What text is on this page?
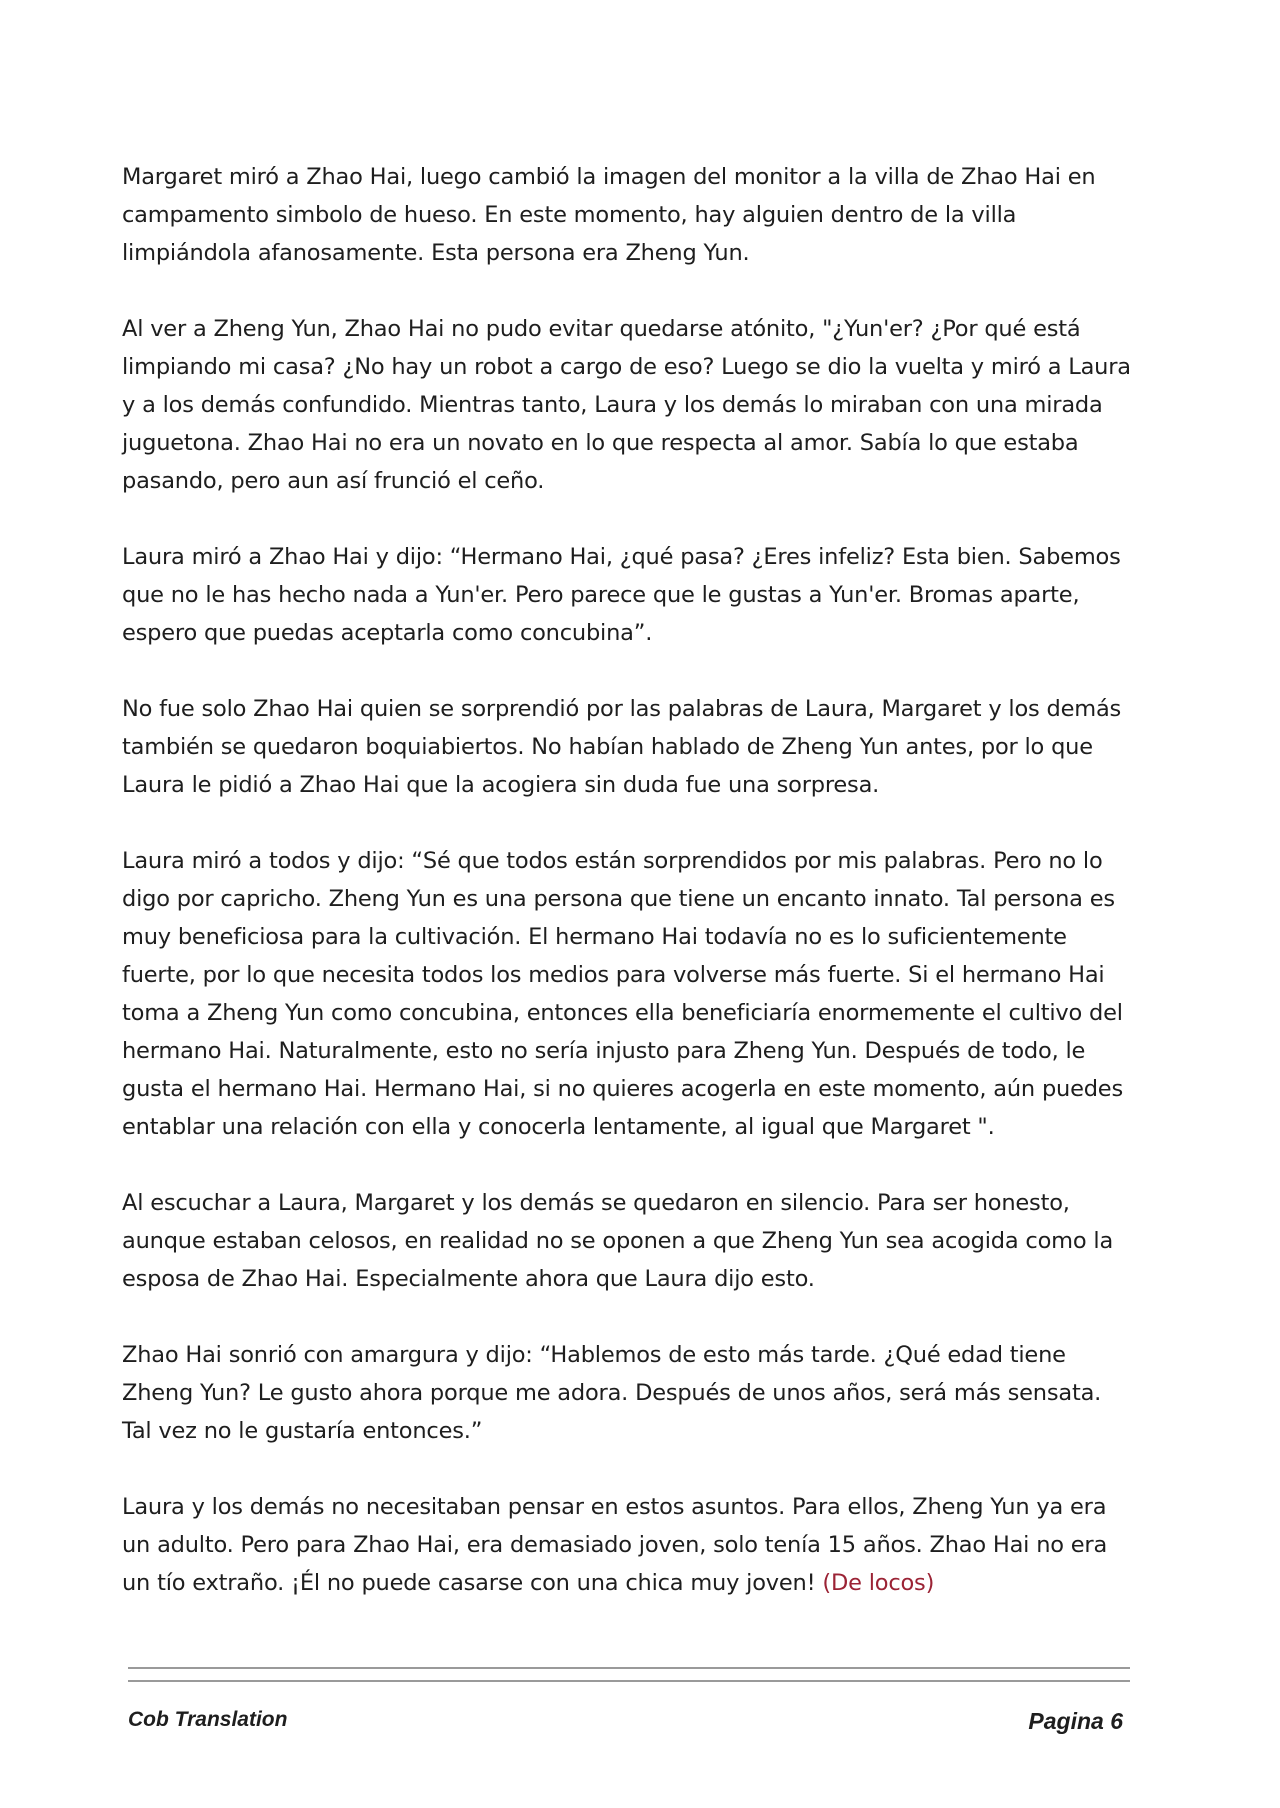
Margaret miró a Zhao Hai, luego cambió la imagen del monitor a la villa de Zhao Hai en campamento simbolo de hueso. En este momento, hay alguien dentro de la villa limpiándola afanosamente. Esta persona era Zheng Yun.

Al ver a Zheng Yun, Zhao Hai no pudo evitar quedarse atónito, "¿Yun'er? ¿Por qué está limpiando mi casa? ¿No hay un robot a cargo de eso? Luego se dio la vuelta y miró a Laura y a los demás confundido. Mientras tanto, Laura y los demás lo miraban con una mirada juguetona. Zhao Hai no era un novato en lo que respecta al amor. Sabía lo que estaba pasando, pero aun así frunció el ceño.

Laura miró a Zhao Hai y dijo: “Hermano Hai, ¿qué pasa? ¿Eres infeliz? Esta bien. Sabemos que no le has hecho nada a Yun'er. Pero parece que le gustas a Yun'er. Bromas aparte, espero que puedas aceptarla como concubina”.

No fue solo Zhao Hai quien se sorprendió por las palabras de Laura, Margaret y los demás también se quedaron boquiabiertos. No habían hablado de Zheng Yun antes, por lo que Laura le pidió a Zhao Hai que la acogiera sin duda fue una sorpresa.

Laura miró a todos y dijo: “Sé que todos están sorprendidos por mis palabras. Pero no lo digo por capricho. Zheng Yun es una persona que tiene un encanto innato. Tal persona es muy beneficiosa para la cultivación. El hermano Hai todavía no es lo suficientemente fuerte, por lo que necesita todos los medios para volverse más fuerte. Si el hermano Hai toma a Zheng Yun como concubina, entonces ella beneficiaría enormemente el cultivo del hermano Hai. Naturalmente, esto no sería injusto para Zheng Yun. Después de todo, le gusta el hermano Hai. Hermano Hai, si no quieres acogerla en este momento, aún puedes entablar una relación con ella y conocerla lentamente, al igual que Margaret ".

Al escuchar a Laura, Margaret y los demás se quedaron en silencio. Para ser honesto, aunque estaban celosos, en realidad no se oponen a que Zheng Yun sea acogida como la esposa de Zhao Hai. Especialmente ahora que Laura dijo esto.

Zhao Hai sonrió con amargura y dijo: “Hablemos de esto más tarde. ¿Qué edad tiene Zheng Yun? Le gusto ahora porque me adora. Después de unos años, será más sensata. Tal vez no le gustaría entonces.”

Laura y los demás no necesitaban pensar en estos asuntos. Para ellos, Zheng Yun ya era un adulto. Pero para Zhao Hai, era demasiado joven, solo tenía 15 años. Zhao Hai no era un tío extraño. ¡Él no puede casarse con una chica muy joven! (De locos)

Cob Translation	Pagina 6
